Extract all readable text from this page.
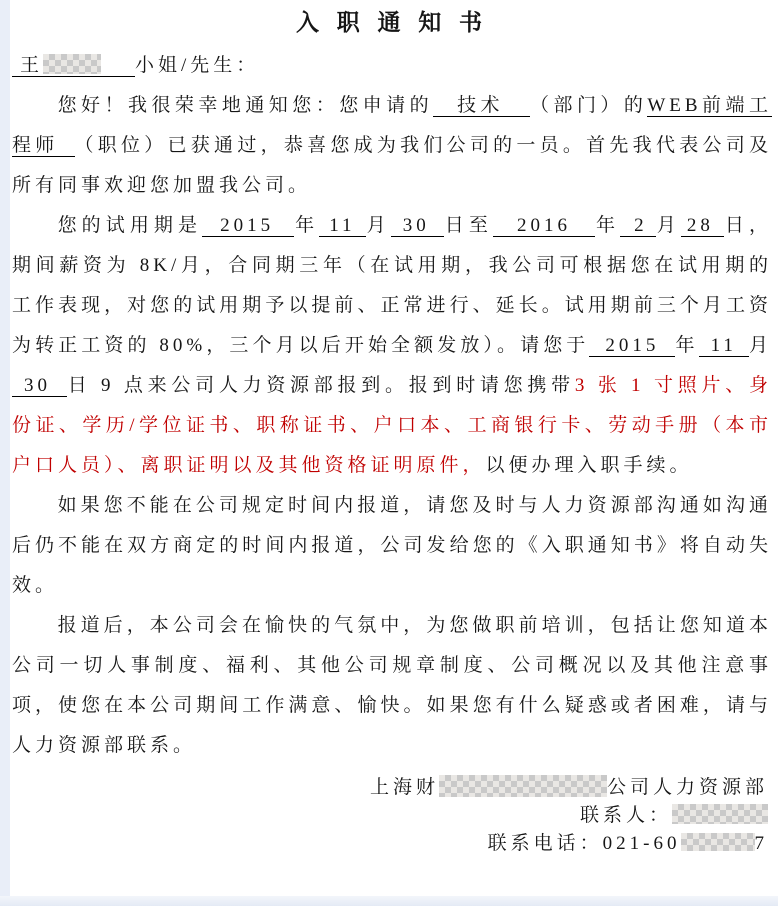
入 职 通 知 书
王	小姐/先生：
您好！我很荣幸地通知您：您申请的 技术 （部门）的WEB前端工程师 （职位）已获通过，恭喜您成为我们公司的一员。首先我代表公司及所有同事欢迎您加盟我公司。
您的试用期是 2015 年 11 月 30 日至 2016 年 2 月 28 日，期间薪资为 8K/月，合同期三年（在试用期，我公司可根据您在试用期的工作表现，对您的试用期予以提前、正常进行、延长。试用期前三个月工资为转正工资的 80%，三个月以后开始全额发放）。请您于 2015 年 11 月30 日 9 点来公司人力资源部报到。报到时请您携带3 张 1 寸照片、身份证、学历/学位证书、职称证书、户口本、工商银行卡、劳动手册（本市户口人员）、离职证明以及其他资格证明原件，以便办理入职手续。
如果您不能在公司规定时间内报道，请您及时与人力资源部沟通如沟通后仍不能在双方商定的时间内报道，公司发给您的《入职通知书》将自动失效。
报道后，本公司会在愉快的气氛中，为您做职前培训，包括让您知道本公司一切人事制度、福利、其他公司规章制度、公司概况以及其他注意事项，使您在本公司期间工作满意、愉快。如果您有什么疑惑或者困难，请与人力资源部联系。
上海财	公司人力资源部
联系人：
联系电话：021-60	7
